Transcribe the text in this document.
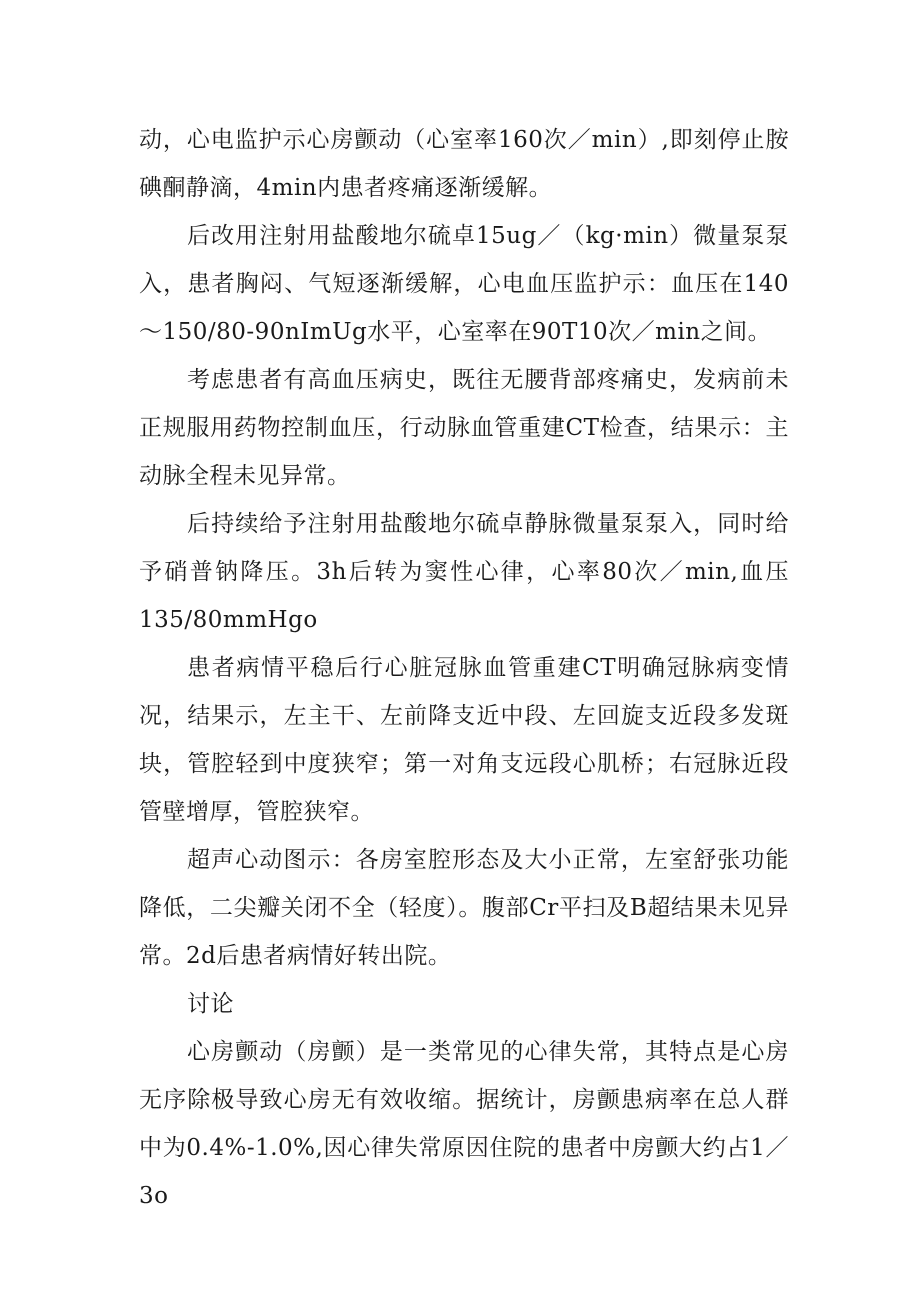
动，心电监护示心房颤动（心室率160次／min）,即刻停止胺碘酮静滴，4min内患者疼痛逐渐缓解。

后改用注射用盐酸地尔硫卓15ug／（kg·min）微量泵泵入，患者胸闷、气短逐渐缓解，心电血压监护示：血压在140～150/80-90nImUg水平，心室率在90T10次／min之间。

考虑患者有高血压病史，既往无腰背部疼痛史，发病前未正规服用药物控制血压，行动脉血管重建CT检查，结果示：主动脉全程未见异常。

后持续给予注射用盐酸地尔硫卓静脉微量泵泵入，同时给予硝普钠降压。3h后转为窦性心律，心率80次／min,血压135/80mmHgo

患者病情平稳后行心脏冠脉血管重建CT明确冠脉病变情况，结果示，左主干、左前降支近中段、左回旋支近段多发斑块，管腔轻到中度狭窄；第一对角支远段心肌桥；右冠脉近段管壁增厚，管腔狭窄。

超声心动图示：各房室腔形态及大小正常，左室舒张功能降低，二尖瓣关闭不全（轻度）。腹部Cr平扫及B超结果未见异常。2d后患者病情好转出院。

讨论

心房颤动（房颤）是一类常见的心律失常，其特点是心房无序除极导致心房无有效收缩。据统计，房颤患病率在总人群中为0.4%-1.0%,因心律失常原因住院的患者中房颤大约占1／3o
